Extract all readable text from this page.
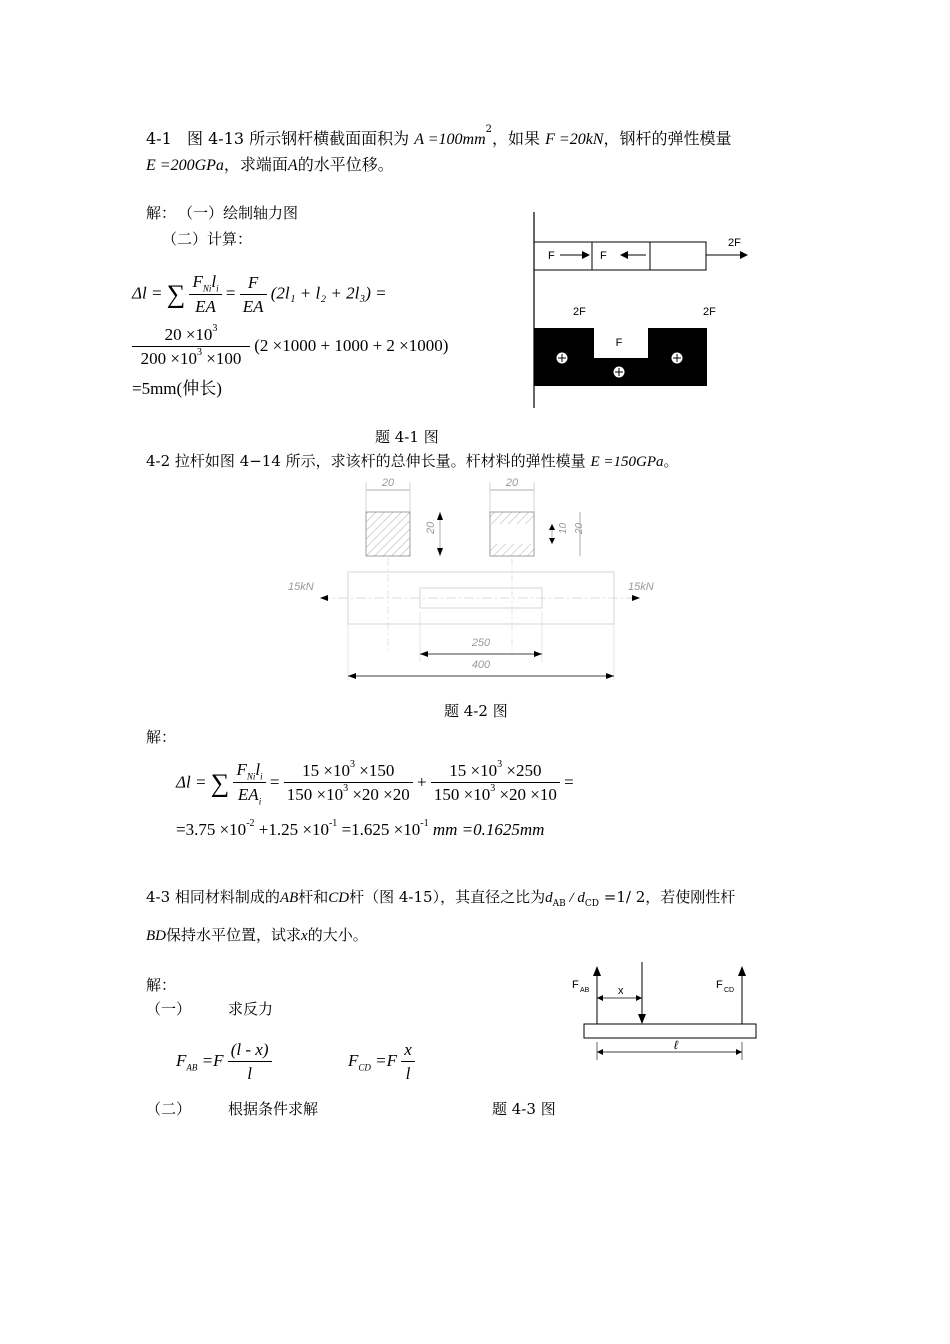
4-1 图 4-13 所示钢杆横截面面积为 $A =100mm^2$，如果 F =20kN，钢杆的弹性模量
E =200GPa，求端面A的水平位移。
解： （一）绘制轴力图
（二）计算：
Δl = ∑ $\frac{F_{Ni}l_i}{EA} = \frac{F}{EA} (2l_1 + l_2 + 2l_3)$ =
$\frac{20 \times 10^3}{200 \times 10^3 \times 100} (2 \times 1000 + 1000 + 2 \times 1000)$
=5mm(伸长)
F	F
2F
2F	2F
F
题 4-1 图
4-2 拉杆如图 4−14 所示，求该杆的总伸长量。杆材料的弹性模量 E =150GPa。
20
20
20
10 20
15kN	15kN
250
400
题 4-2 图
解：
Δl = ∑ $\frac{F_{Ni}l_i}{EA_i} = \frac{15 \times 10^3 \times 150}{150 \times 10^3 \times 20 \times 20} + \frac{15 \times 10^3 \times 250}{150 \times 10^3 \times 20 \times 10}$ =
$=3.75 \times 10^{-2} +1.25 \times 10^{-1} =1.625 \times 10^{-1}$ mm =0.1625mm
4-3 相同材料制成的AB杆和CD杆（图 4-15），其直径之比为$d_{AB} / d_{CD} =1/$ 2，若使刚性杆
BD保持水平位置，试求x的大小。
解：
（一） 求反力
$F_{AB} =F \frac{(l - x)}{l}$	$F_{CD} =F \frac{x}{l}$
（二） 根据条件求解	题 4-3 图
x
F AB	F CD
ℓ
